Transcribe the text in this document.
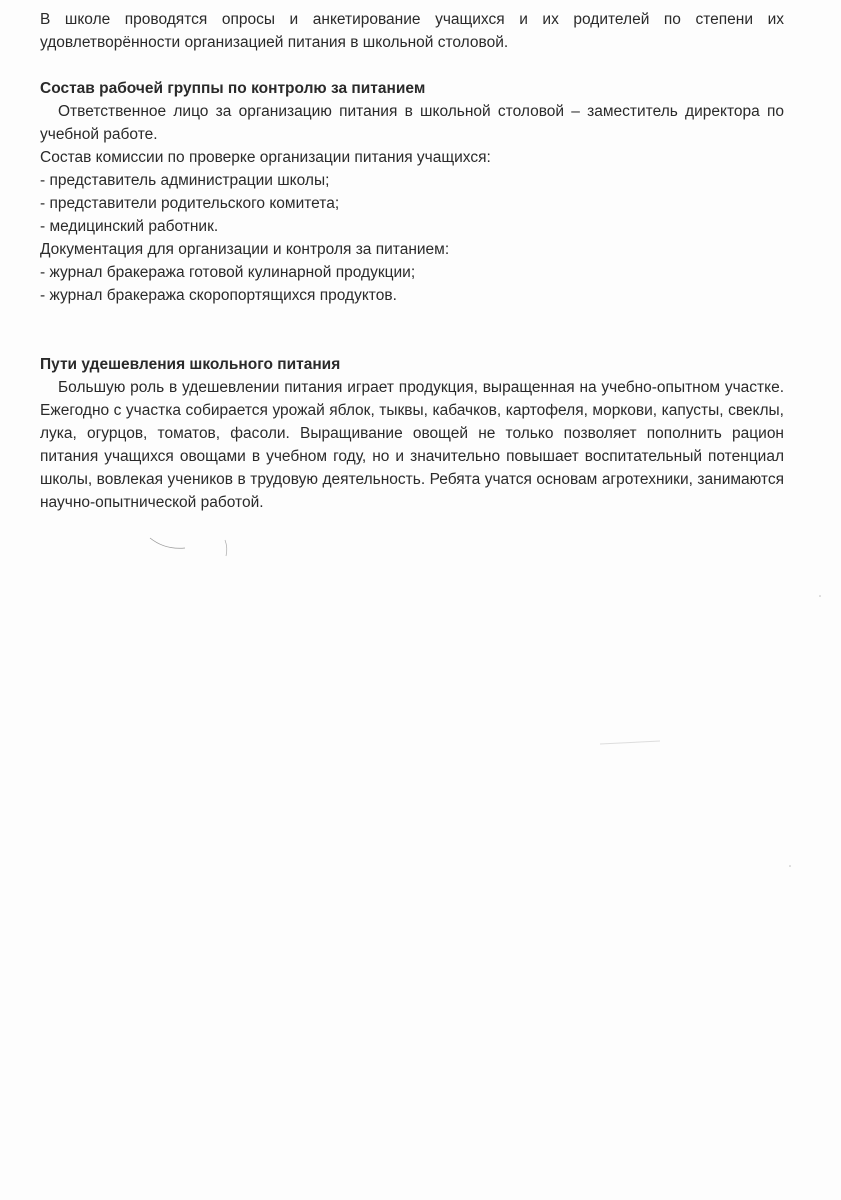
В школе проводятся опросы и анкетирование учащихся и их родителей по степени их удовлетворённости организацией питания в школьной столовой.

Состав рабочей группы по контролю за питанием

Ответственное лицо за организацию питания в школьной столовой – заместитель директора по учебной работе.

Состав комиссии по проверке организации питания учащихся:

- представитель администрации школы;

- представители родительского комитета;

- медицинский работник.

Документация для организации и контроля за питанием:

- журнал бракеража готовой кулинарной продукции;

- журнал бракеража скоропортящихся продуктов.

Пути удешевления школьного питания

Большую роль в удешевлении питания играет продукция, выращенная на учебно-опытном участке. Ежегодно с участка собирается урожай яблок, тыквы, кабачков, картофеля, моркови, капусты, свеклы, лука, огурцов, томатов, фасоли. Выращивание овощей не только позволяет пополнить рацион питания учащихся овощами в учебном году, но и значительно повышает воспитательный потенциал школы, вовлекая учеников в трудовую деятельность. Ребята учатся основам агротехники, занимаются научно-опытнической работой.
